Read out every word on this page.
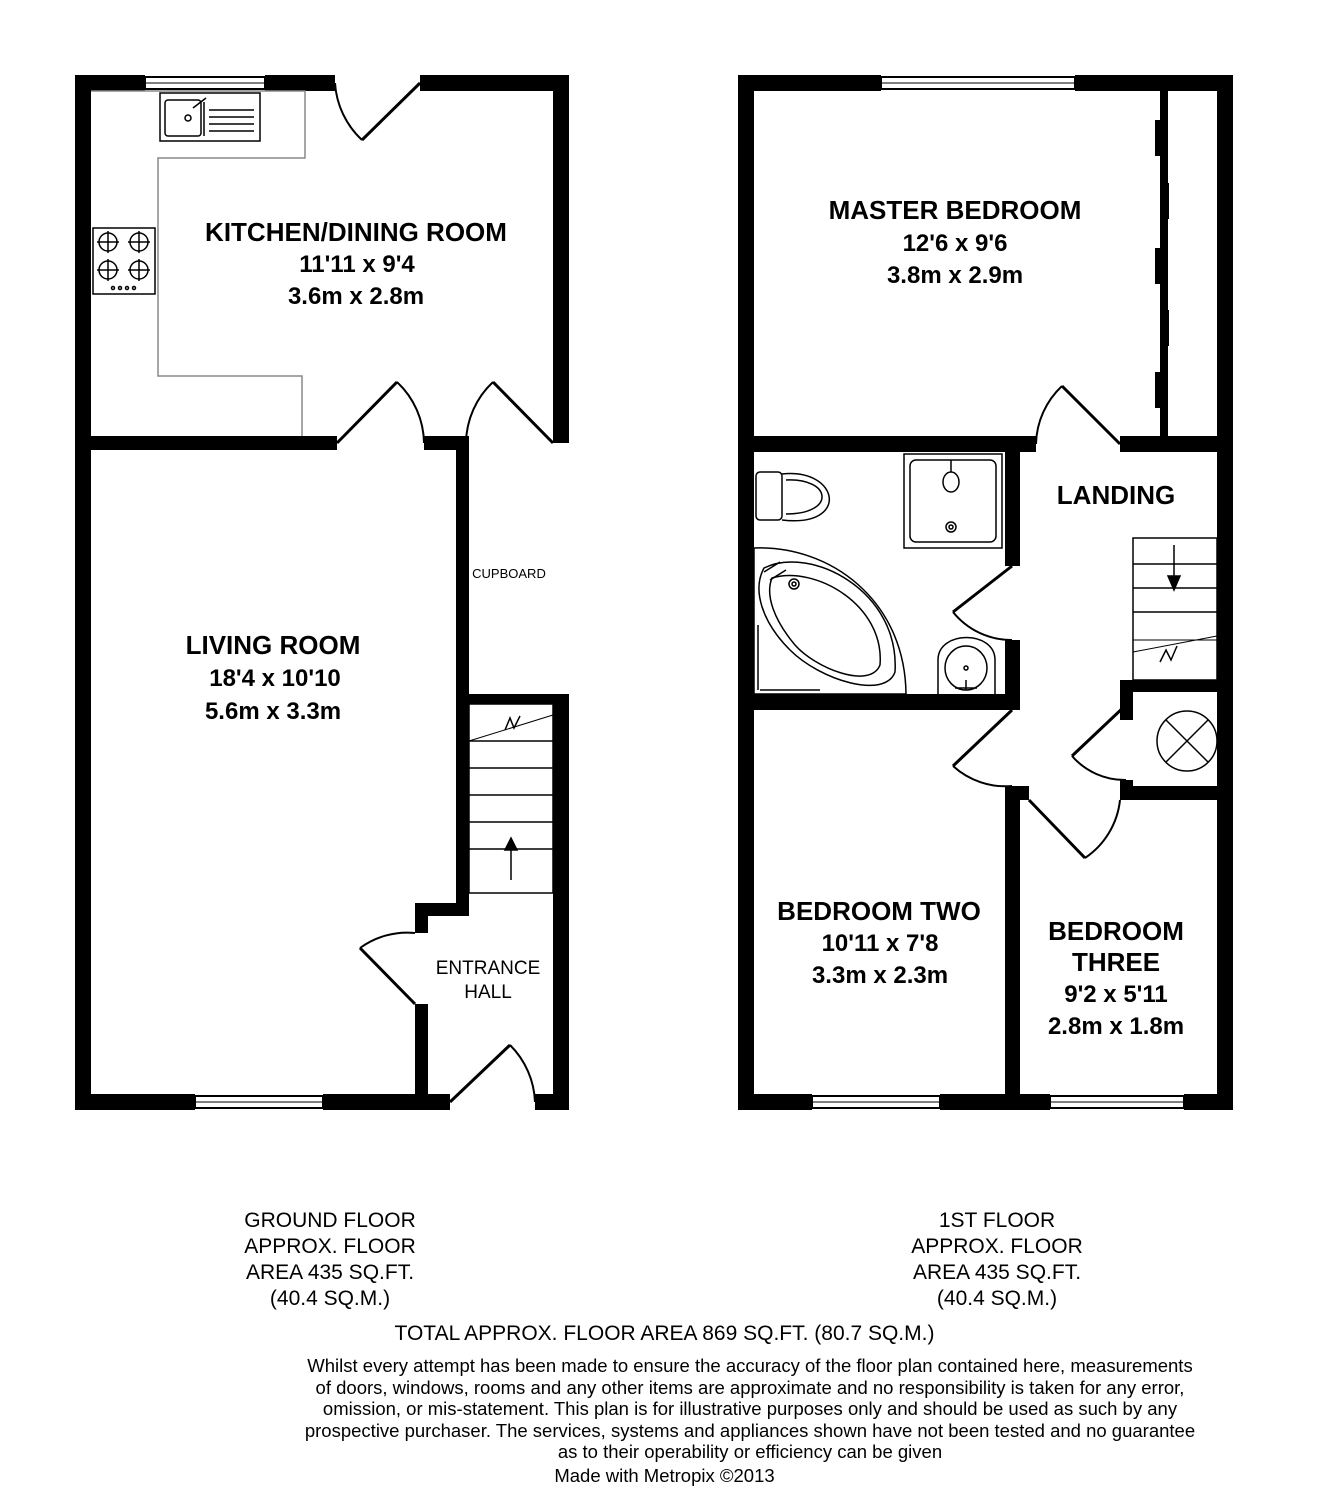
KITCHEN/DINING ROOM
11'11 x 9'4
3.6m x 2.8m
LIVING ROOM
18'4 x 10'10
5.6m x 3.3m
CUPBOARD
ENTRANCE
HALL
MASTER BEDROOM
12'6 x 9'6
3.8m x 2.9m
LANDING
BEDROOM TWO
10'11 x 7'8
3.3m x 2.3m
BEDROOM
THREE
9'2 x 5'11
2.8m x 1.8m
GROUND FLOOR
APPROX. FLOOR
AREA 435 SQ.FT.
(40.4 SQ.M.)
1ST FLOOR
APPROX. FLOOR
AREA 435 SQ.FT.
(40.4 SQ.M.)
TOTAL APPROX. FLOOR AREA 869 SQ.FT. (80.7 SQ.M.)
Whilst every attempt has been made to ensure the accuracy of the floor plan contained here, measurements
of doors, windows, rooms and any other items are approximate and no responsibility is taken for any error,
omission, or mis-statement. This plan is for illustrative purposes only and should be used as such by any
prospective purchaser. The services, systems and appliances shown have not been tested and no guarantee
as to their operability or efficiency can be given
Made with Metropix ©2013
